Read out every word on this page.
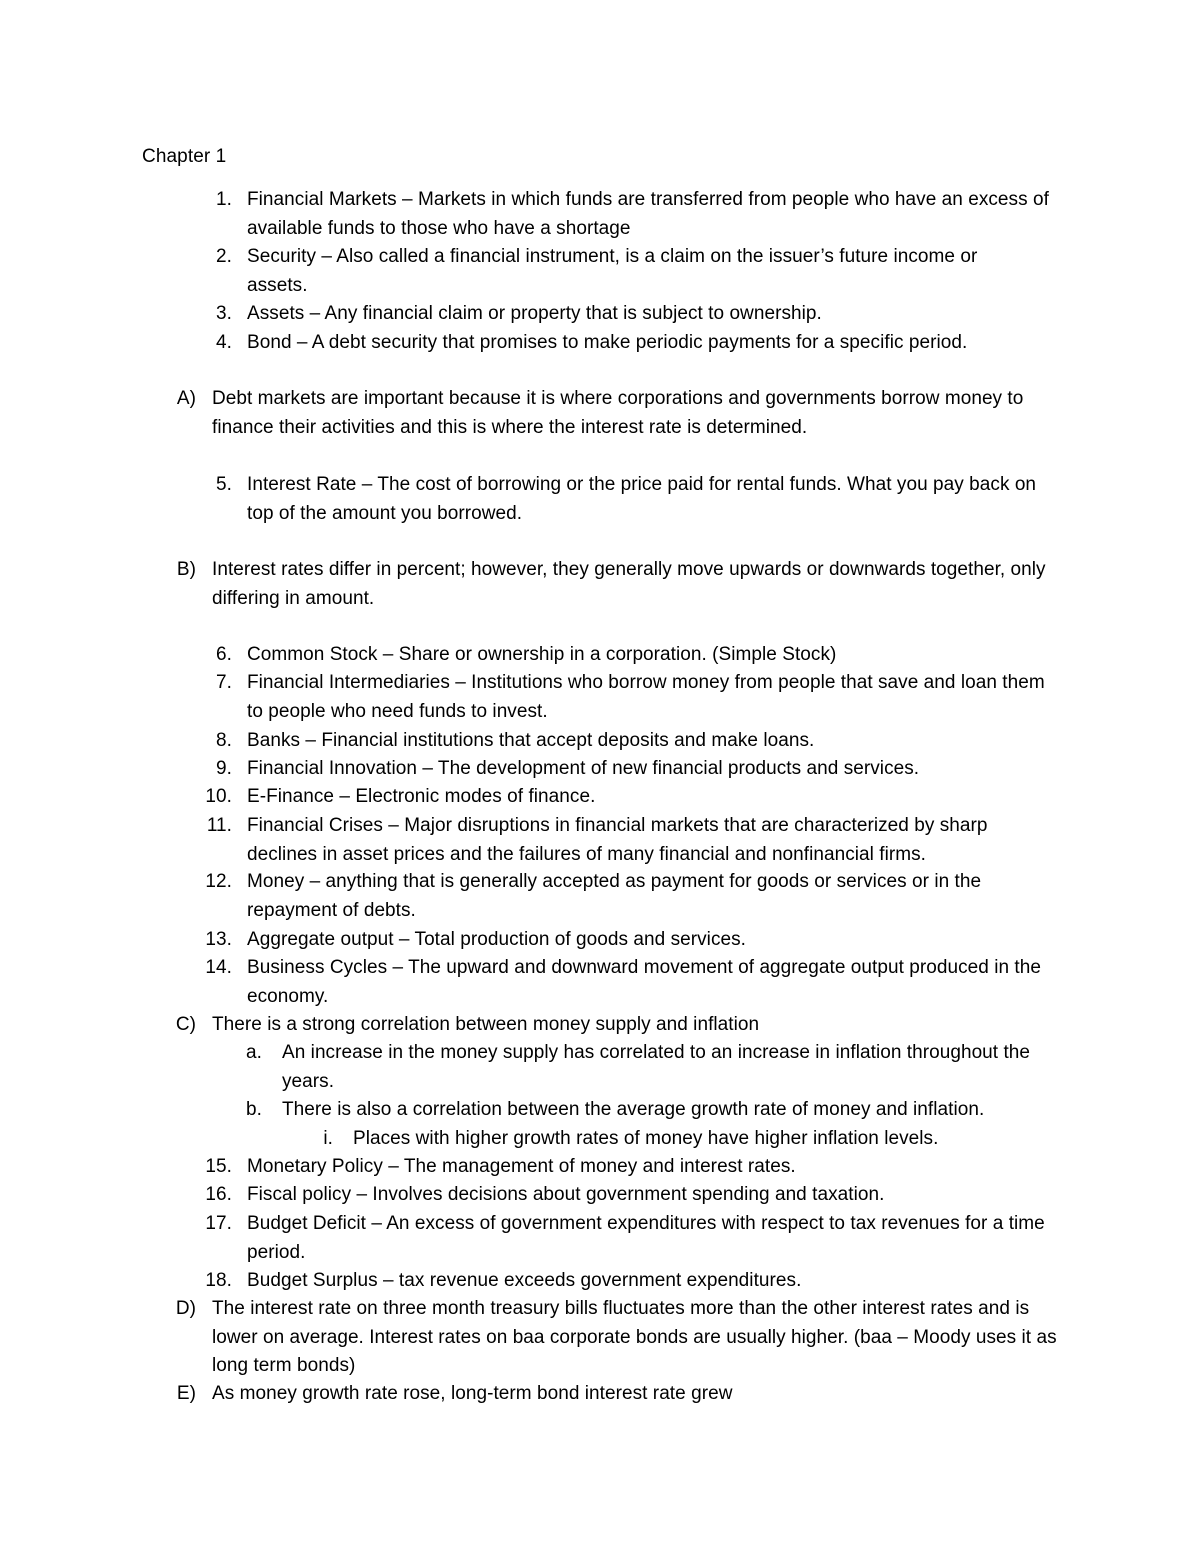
Chapter 1
1. Financial Markets – Markets in which funds are transferred from people who have an excess of available funds to those who have a shortage
2. Security – Also called a financial instrument, is a claim on the issuer’s future income or assets.
3. Assets – Any financial claim or property that is subject to ownership.
4. Bond – A debt security that promises to make periodic payments for a specific period.
A) Debt markets are important because it is where corporations and governments borrow money to finance their activities and this is where the interest rate is determined.
5. Interest Rate – The cost of borrowing or the price paid for rental funds. What you pay back on top of the amount you borrowed.
B) Interest rates differ in percent; however, they generally move upwards or downwards together, only differing in amount.
6. Common Stock – Share or ownership in a corporation. (Simple Stock)
7. Financial Intermediaries – Institutions who borrow money from people that save and loan them to people who need funds to invest.
8. Banks – Financial institutions that accept deposits and make loans.
9. Financial Innovation – The development of new financial products and services.
10. E-Finance – Electronic modes of finance.
11. Financial Crises – Major disruptions in financial markets that are characterized by sharp declines in asset prices and the failures of many financial and nonfinancial firms.
12. Money – anything that is generally accepted as payment for goods or services or in the repayment of debts.
13. Aggregate output – Total production of goods and services.
14. Business Cycles – The upward and downward movement of aggregate output produced in the economy.
C) There is a strong correlation between money supply and inflation
a. An increase in the money supply has correlated to an increase in inflation throughout the years.
b. There is also a correlation between the average growth rate of money and inflation.
i. Places with higher growth rates of money have higher inflation levels.
15. Monetary Policy – The management of money and interest rates.
16. Fiscal policy – Involves decisions about government spending and taxation.
17. Budget Deficit – An excess of government expenditures with respect to tax revenues for a time period.
18. Budget Surplus – tax revenue exceeds government expenditures.
D) The interest rate on three month treasury bills fluctuates more than the other interest rates and is lower on average. Interest rates on baa corporate bonds are usually higher. (baa – Moody uses it as long term bonds)
E) As money growth rate rose, long-term bond interest rate grew
